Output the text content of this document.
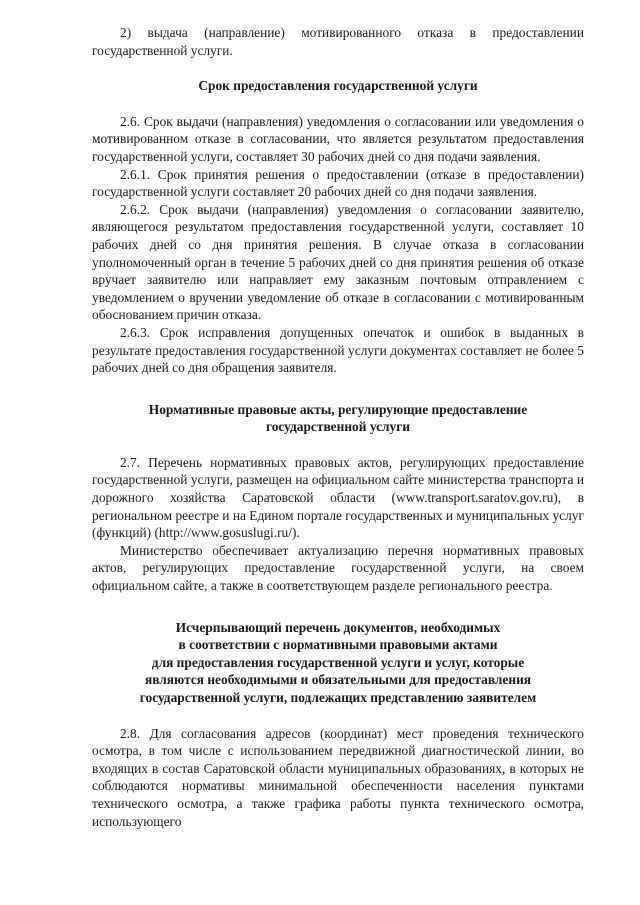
2) выдача (направление) мотивированного отказа в предоставлении государственной услуги.

Срок предоставления государственной услуги

2.6. Срок выдачи (направления) уведомления о согласовании или уведомления о мотивированном отказе в согласовании, что является результатом предоставления государственной услуги, составляет 30 рабочих дней со дня подачи заявления.

2.6.1. Срок принятия решения о предоставлении (отказе в предоставлении) государственной услуги составляет 20 рабочих дней со дня подачи заявления.

2.6.2. Срок выдачи (направления) уведомления о согласовании заявителю, являющегося результатом предоставления государственной услуги, составляет 10 рабочих дней со дня принятия решения. В случае отказа в согласовании уполномоченный орган в течение 5 рабочих дней со дня принятия решения об отказе вручает заявителю или направляет ему заказным почтовым отправлением с уведомлением о вручении уведомление об отказе в согласовании с мотивированным обоснованием причин отказа.

2.6.3. Срок исправления допущенных опечаток и ошибок в выданных в результате предоставления государственной услуги документах составляет не более 5 рабочих дней со дня обращения заявителя.

Нормативные правовые акты, регулирующие предоставление
государственной услуги

2.7. Перечень нормативных правовых актов, регулирующих предоставление государственной услуги, размещен на официальном сайте министерства транспорта и дорожного хозяйства Саратовской области (www.transport.saratov.gov.ru), в региональном реестре и на Едином портале государственных и муниципальных услуг (функций) (http://www.gosuslugi.ru/).

Министерство обеспечивает актуализацию перечня нормативных правовых актов, регулирующих предоставление государственной услуги, на своем официальном сайте, а также в соответствующем разделе регионального реестра.

Исчерпывающий перечень документов, необходимых
в соответствии с нормативными правовыми актами
для предоставления государственной услуги и услуг, которые
являются необходимыми и обязательными для предоставления
государственной услуги, подлежащих представлению заявителем

2.8. Для согласования адресов (координат) мест проведения технического осмотра, в том числе с использованием передвижной диагностической линии, во входящих в состав Саратовской области муниципальных образованиях, в которых не соблюдаются нормативы минимальной обеспеченности населения пунктами технического осмотра, а также графика работы пункта технического осмотра, использующего
